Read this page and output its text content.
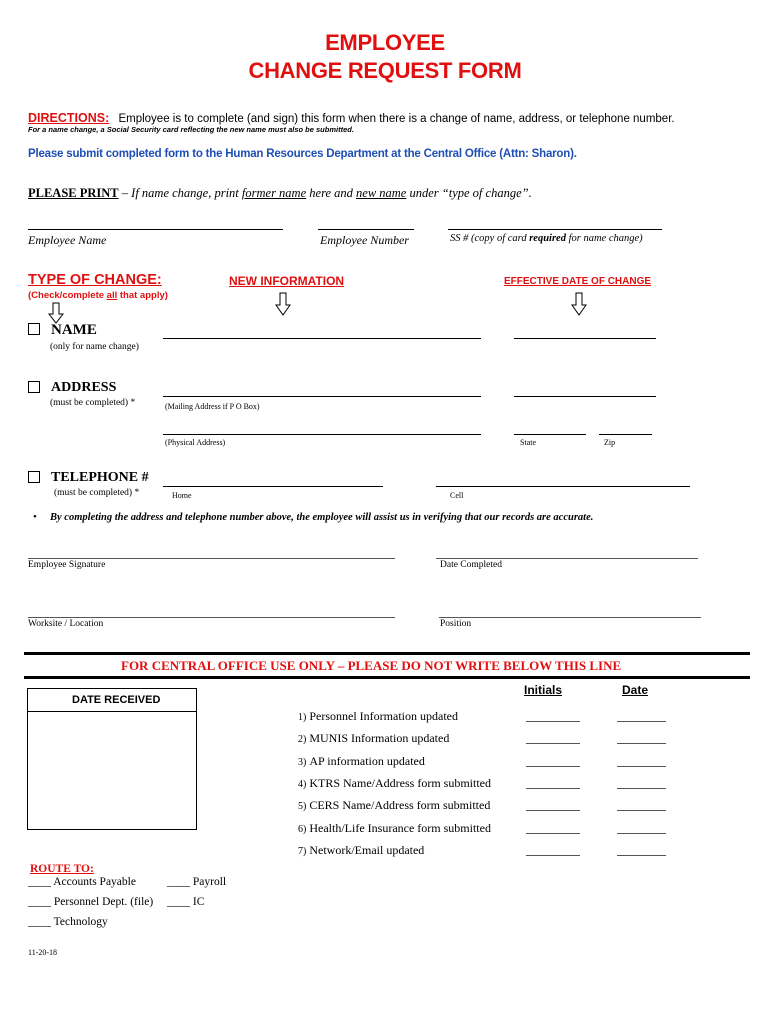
EMPLOYEE
CHANGE REQUEST FORM
DIRECTIONS: Employee is to complete (and sign) this form when there is a change of name, address, or telephone number.
For a name change, a Social Security card reflecting the new name must also be submitted.
Please submit completed form to the Human Resources Department at the Central Office (Attn: Sharon).
PLEASE PRINT – If name change, print former name here and new name under “type of change”.
Employee Name	Employee Number	SS # (copy of card required for name change)
TYPE OF CHANGE:
(Check/complete all that apply)
NEW INFORMATION	EFFECTIVE DATE OF CHANGE
NAME
(only for name change)
ADDRESS
(must be completed) *	(Mailing Address if P O Box)
(Physical Address)	State	Zip
TELEPHONE #
(must be completed) *	Home	Cell
• By completing the address and telephone number above, the employee will assist us in verifying that our records are accurate.
Employee Signature	Date Completed
Worksite / Location	Position
FOR CENTRAL OFFICE USE ONLY – PLEASE DO NOT WRITE BELOW THIS LINE
DATE RECEIVED
Initials	Date
1) Personnel Information updated
2) MUNIS Information updated
3) AP information updated
4) KTRS Name/Address form submitted
5) CERS Name/Address form submitted
6) Health/Life Insurance form submitted
7) Network/Email updated
ROUTE TO:
____ Accounts Payable	____ Payroll
____ Personnel Dept. (file) ____ IC
____ Technology
11-20-18
